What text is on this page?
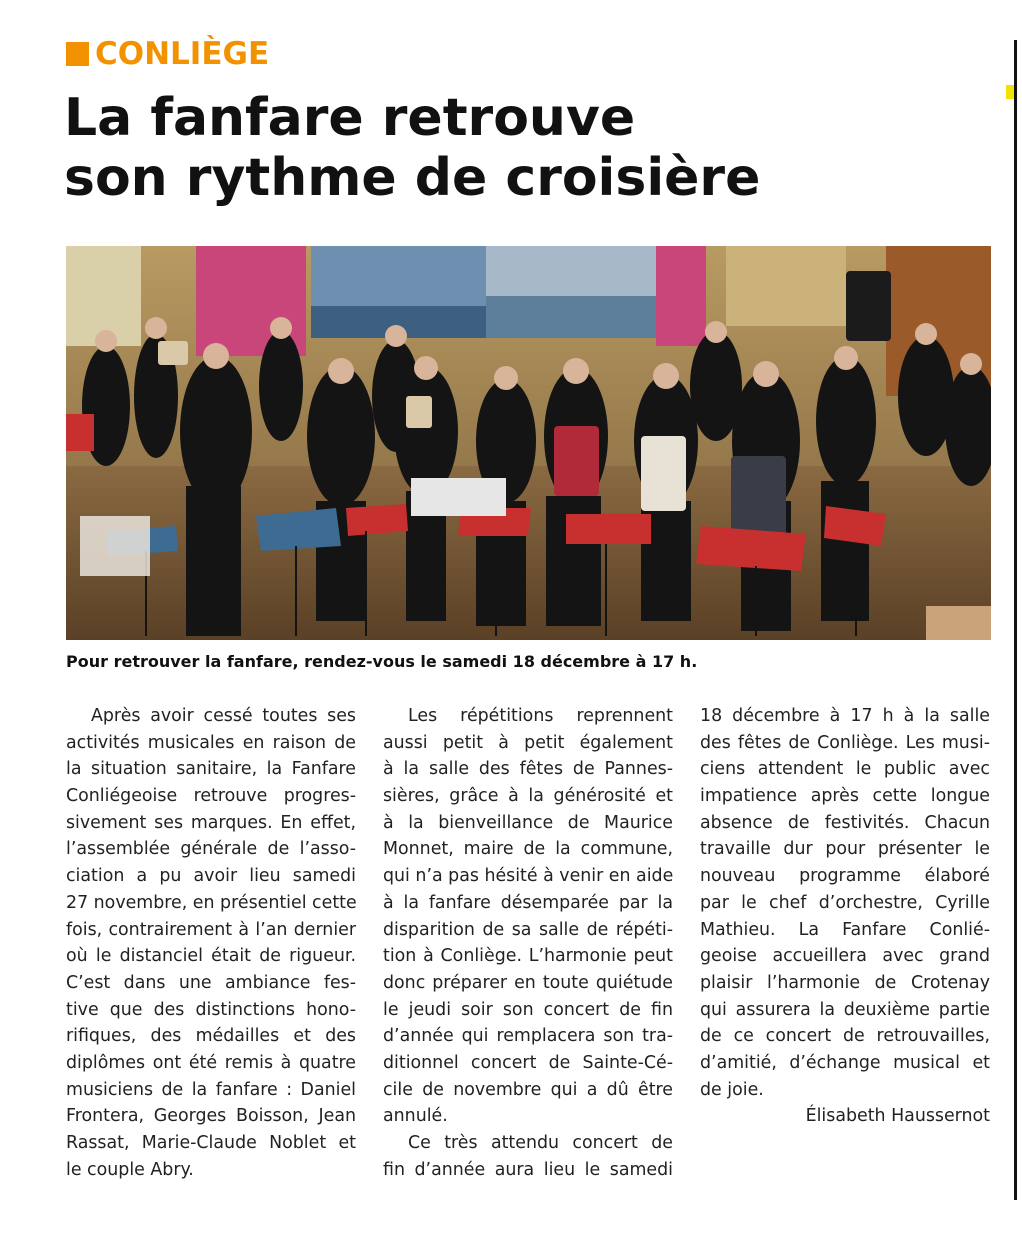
CONLIÈGE
La fanfare retrouve
son rythme de croisière
Pour retrouver la fanfare, rendez-vous le samedi 18 décembre à 17 h.
Après avoir cessé toutes ses
activités musicales en raison de
la situation sanitaire, la Fanfare
Conliégeoise retrouve progres-
sivement ses marques. En effet,
l’assemblée générale de l’asso-
ciation a pu avoir lieu samedi
27 novembre, en présentiel cette
fois, contrairement à l’an dernier
où le distanciel était de rigueur.
C’est dans une ambiance fes-
tive que des distinctions hono-
rifiques, des médailles et des
diplômes ont été remis à quatre
musiciens de la fanfare : Daniel
Frontera, Georges Boisson, Jean
Rassat, Marie-Claude Noblet et
le couple Abry.
Les répétitions reprennent
aussi petit à petit également
à la salle des fêtes de Pannes-
sières, grâce à la générosité et
à la bienveillance de Maurice
Monnet, maire de la commune,
qui n’a pas hésité à venir en aide
à la fanfare désemparée par la
disparition de sa salle de répéti-
tion à Conliège. L’harmonie peut
donc préparer en toute quiétude
le jeudi soir son concert de fin
d’année qui remplacera son tra-
ditionnel concert de Sainte-Cé-
cile de novembre qui a dû être
annulé.
Ce très attendu concert de
fin d’année aura lieu le samedi
18 décembre à 17 h à la salle
des fêtes de Conliège. Les musi-
ciens attendent le public avec
impatience après cette longue
absence de festivités. Chacun
travaille dur pour présenter le
nouveau programme élaboré
par le chef d’orchestre, Cyrille
Mathieu. La Fanfare Conlié-
geoise accueillera avec grand
plaisir l’harmonie de Crotenay
qui assurera la deuxième partie
de ce concert de retrouvailles,
d’amitié, d’échange musical et
de joie.
Élisabeth Haussernot
